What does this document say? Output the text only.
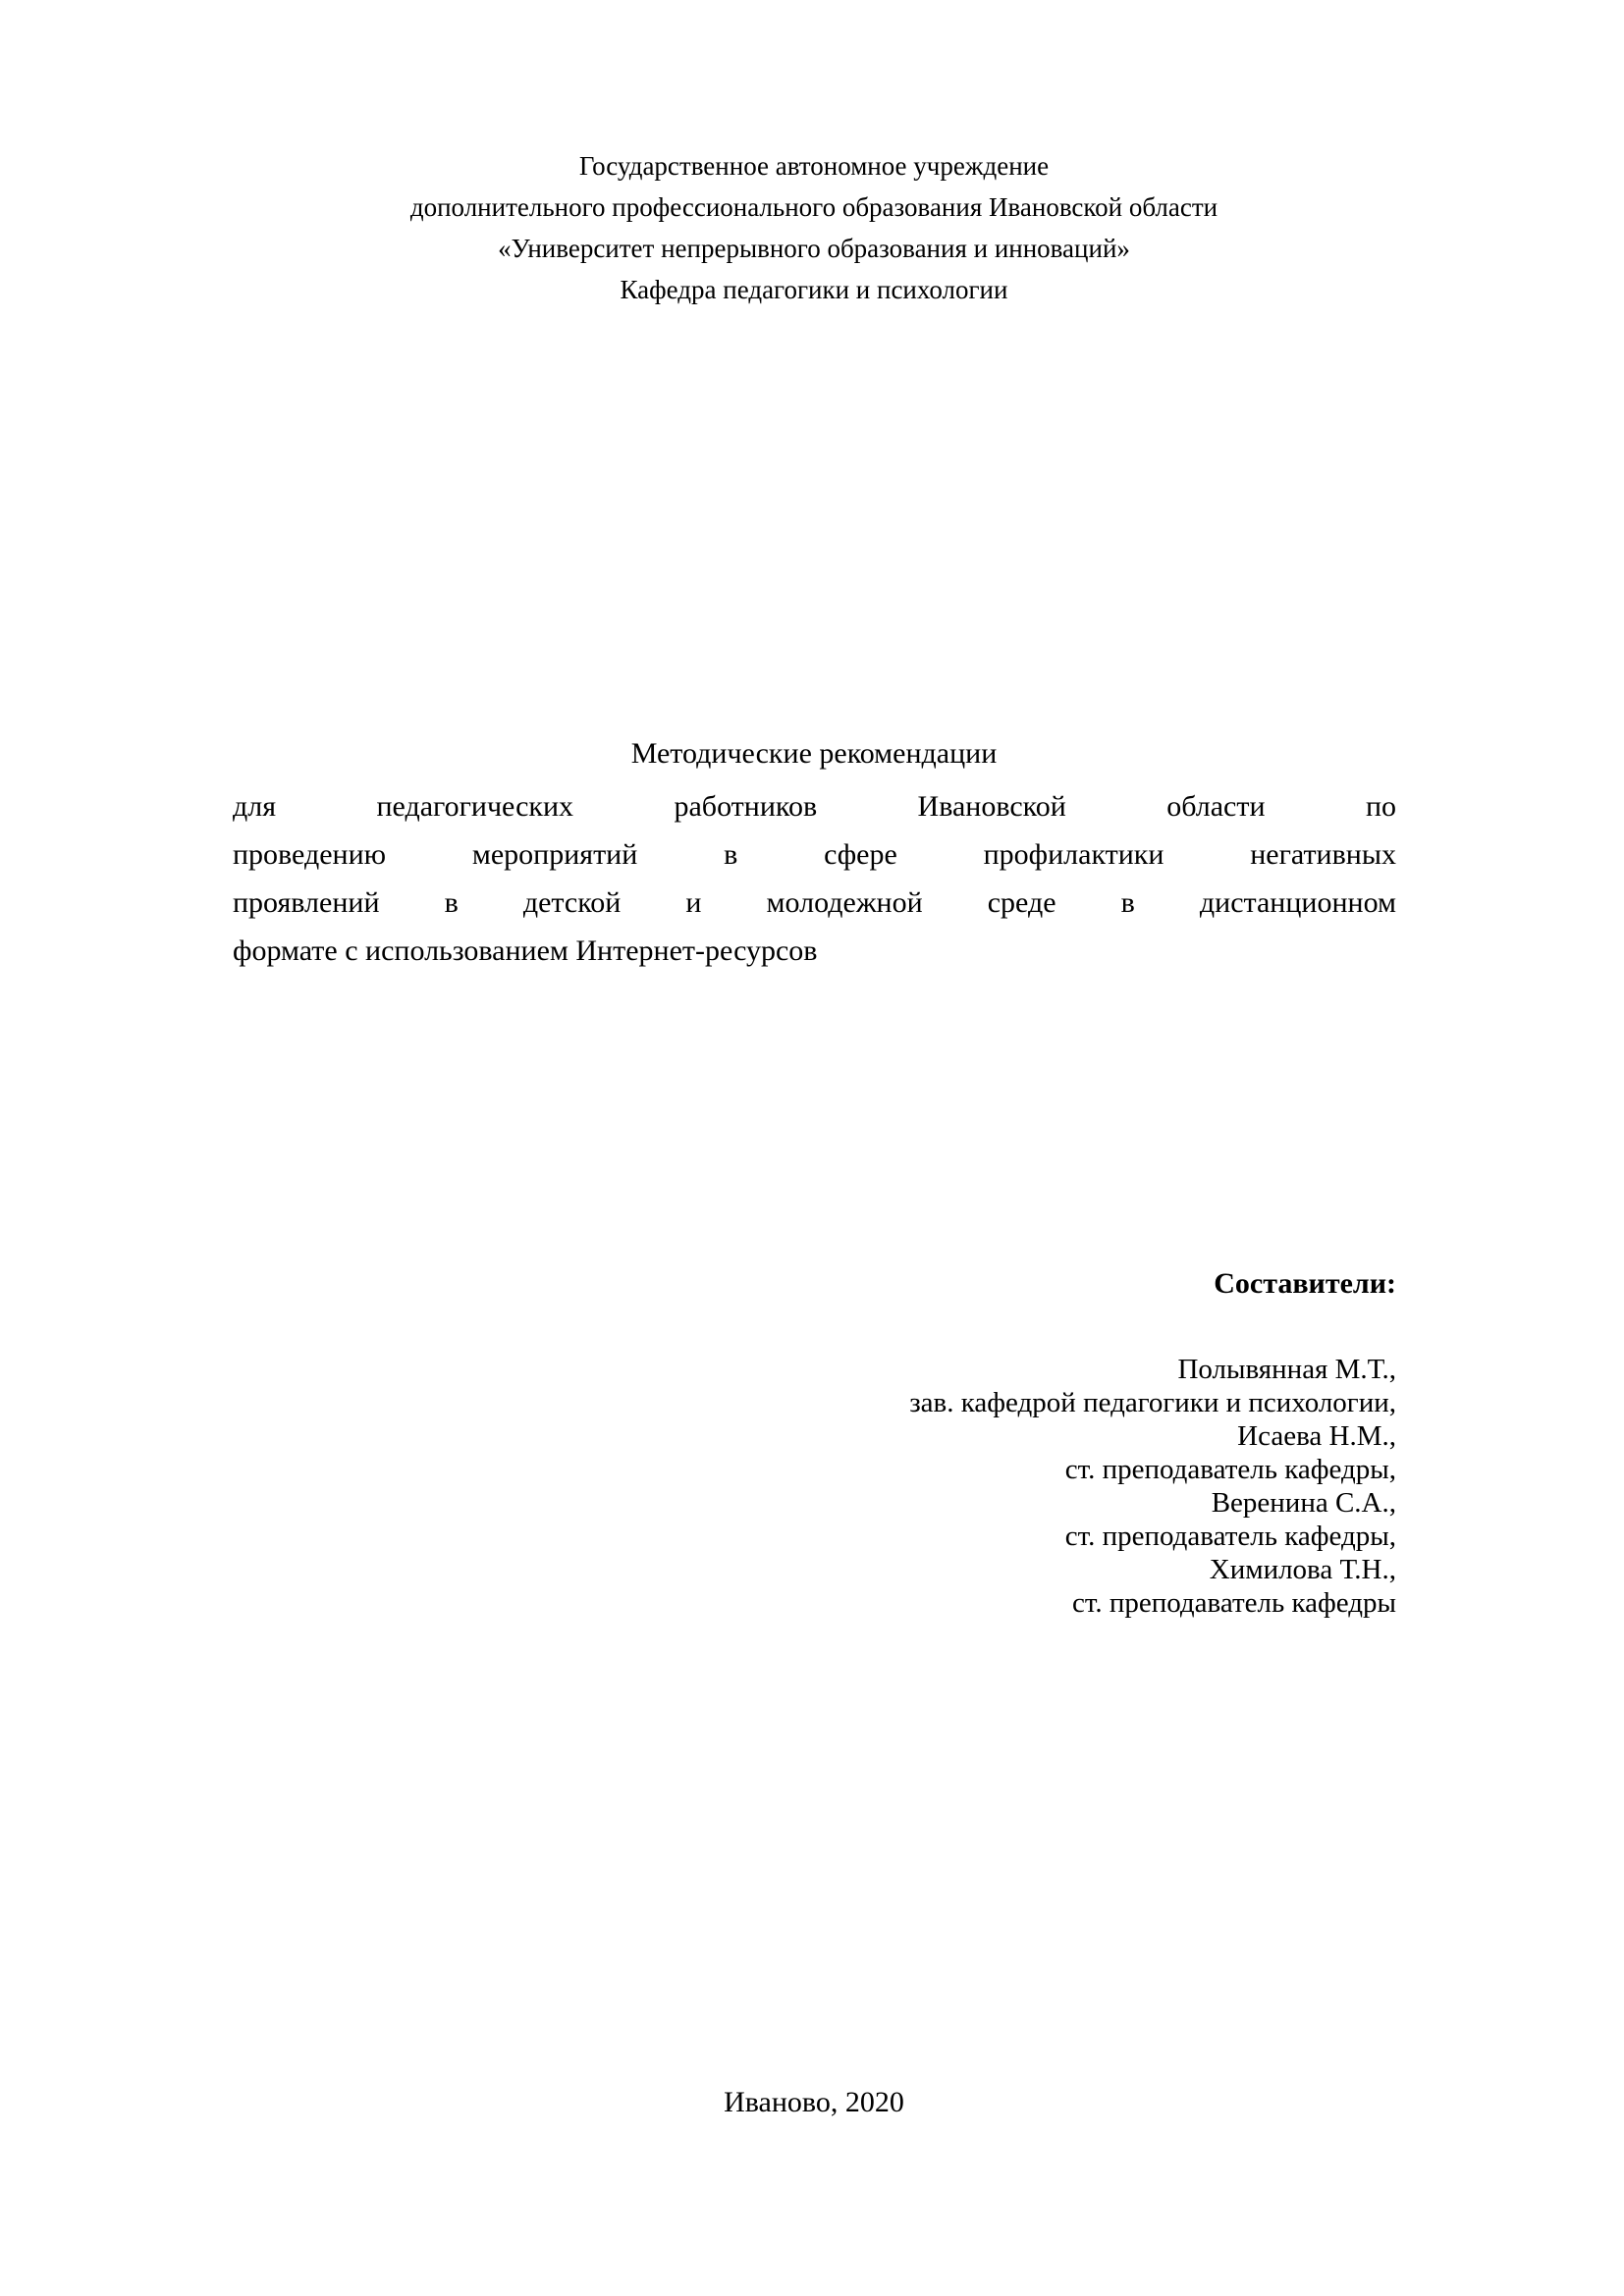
Государственное автономное учреждение
дополнительного профессионального образования Ивановской области
«Университет непрерывного образования и инноваций»
Кафедра педагогики и психологии
Методические рекомендации
для педагогических работников Ивановской области по
проведению мероприятий в сфере профилактики негативных
проявлений в детской и молодежной среде в дистанционном
формате с использованием Интернет-ресурсов
Составители:
Полывянная М.Т.,
зав. кафедрой педагогики и психологии,
Исаева Н.М.,
ст. преподаватель кафедры,
Веренина С.А.,
ст. преподаватель кафедры,
Химилова Т.Н.,
ст. преподаватель кафедры
Иваново, 2020
